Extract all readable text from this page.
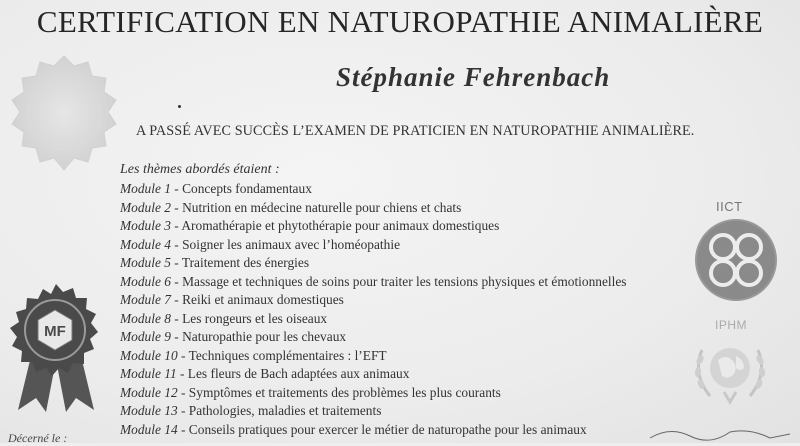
CERTIFICATION EN NATUROPATHIE ANIMALIÈRE
Stéphanie Fehrenbach
A PASSÉ AVEC SUCCÈS L’EXAMEN DE PRATICIEN EN NATUROPATHIE ANIMALIÈRE.
Les thèmes abordés étaient :
Module 1 - Concepts fondamentaux
Module 2 - Nutrition en médecine naturelle pour chiens et chats
Module 3 - Aromathérapie et phytothérapie pour animaux domestiques
Module 4 - Soigner les animaux avec l’homéopathie
Module 5 - Traitement des énergies
Module 6 - Massage et techniques de soins pour traiter les tensions physiques et émotionnelles
Module 7 - Reiki et animaux domestiques
Module 8 - Les rongeurs et les oiseaux
Module 9 - Naturopathie pour les chevaux
Module 10 - Techniques complémentaires : l’EFT
Module 11 - Les fleurs de Bach adaptées aux animaux
Module 12 - Symptômes et traitements des problèmes les plus courants
Module 13 - Pathologies, maladies et traitements
Module 14 - Conseils pratiques pour exercer le métier de naturopathe pour les animaux
MF
IICT
IPHM
Décerné le :
